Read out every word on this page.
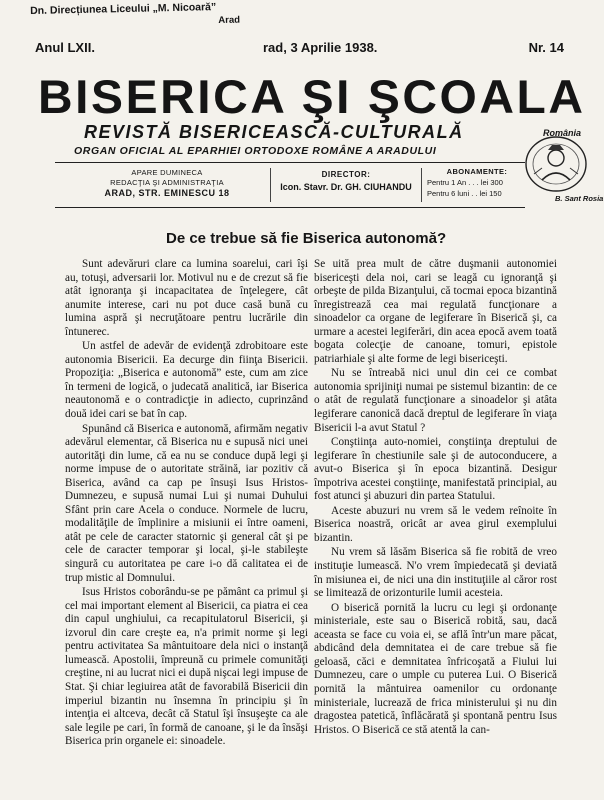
Dn. Direcțiunea Liceului „M. Nicoară”
Arad
Anul LXII.	rad, 3 Aprilie 1938.	Nr. 14
BISERICA ŞI ŞCOALA
REVISTĂ BISERICEASCĂ-CULTURALĂ
ORGAN OFICIAL AL EPARHIEI ORTODOXE ROMÂNE A ARADULUI
APARE DUMINECA
REDACŢIA ŞI ADMINISTRAŢIA
ARAD, STR. EMINESCU 18
DIRECTOR:
Icon. Stavr. Dr. GH. CIUHANDU
ABONAMENTE:
Pentru 1 An . . . lei 300
Pentru 6 luni . . lei 150
România
B. Sant Rosia
De ce trebue să fie Biserica autonomă?

Sunt adevăruri clare ca lumina soarelui, cari îşi au, totuşi, adversarii lor. Motivul nu e de crezut să fie atât ignoranţa şi incapacitatea de înţelegere, cât anumite interese, cari nu pot duce casă bună cu lumina aspră şi necruţătoare pentru lucrările din întunerec.

Un astfel de adevăr de evidenţă zdrobitoare este autonomia Bisericii. Ea decurge din fiinţa Bisericii. Propoziţia: „Biserica e autonomă” este, cum am zice în termeni de logică, o judecată analitică, iar Biserica neautonomă e o contradicţie in adiecto, cuprinzând două idei cari se bat în cap.

Spunând că Biserica e autonomă, afirmăm negativ adevărul elementar, că Biserica nu e supusă nici unei autorităţi din lume, că ea nu se conduce după legi şi norme impuse de o autoritate străină, iar pozitiv că Biserica, având ca cap pe însuşi Isus Hristos-Dumnezeu, e supusă numai Lui şi numai Duhului Sfânt prin care Acela o conduce. Normele de lucru, modalităţile de împlinire a misiunii ei între oameni, atât pe cele de caracter statornic şi general cât şi pe cele de caracter temporar şi local, şi-le stabileşte singură cu autoritatea pe care i-o dă calitatea ei de trup mistic al Domnului.

Isus Hristos coborându-se pe pământ ca primul şi cel mai important element al Bisericii, ca piatra ei cea din capul unghiului, ca recapitulatorul Bisericii, şi izvorul din care creşte ea, n'a primit norme şi legi pentru activitatea Sa mântuitoare dela nici o instanţă lumească. Apostolii, împreună cu primele comunităţi creştine, ni au lucrat nici ei după nişcai legi impuse de Stat. Şi chiar legiuirea atât de favorabilă Bisericii din imperiul bizantin nu însemna în principiu şi în intenţia ei altceva, decât că Statul îşi însuşeşte ca ale sale legile pe cari, în formă de canoane, şi le da însăşi Biserica prin organele ei: sinoadele.

Se uită prea mult de către duşmanii autonomiei bisericeşti dela noi, cari se leagă cu ignoranţă şi orbeşte de pilda Bizanţului, că tocmai epoca bizantină înregistrează cea mai regulată funcţionare a sinoadelor ca organe de legiferare în Biserică şi, ca urmare a acestei legiferări, din acea epocă avem toată bogata colecţie de canoane, tomuri, epistole patriarhiale şi alte forme de legi bisericeşti.

Nu se întreabă nici unul din cei ce combat autonomia sprijiniţi numai pe sistemul bizantin: de ce o atât de regulată funcţionare a sinoadelor şi atâta legiferare canonică dacă dreptul de legiferare în viaţa Bisericii l-a avut Statul ?

Conştiinţa auto-nomiei, conştiinţa dreptului de legiferare în chestiunile sale şi de autoconducere, a avut-o Biserica şi în epoca bizantină. Desigur împotriva acestei conştiinţe, manifestată principial, au fost atunci şi abuzuri din partea Statului.

Aceste abuzuri nu vrem să le vedem reînoite în Biserica noastră, oricât ar avea girul exemplului bizantin.

Nu vrem să lăsăm Biserica să fie robită de vreo instituţie lumească. N'o vrem împiedecată şi deviată în misiunea ei, de nici una din instituţiile al căror rost se limitează de orizonturile lumii acesteia.

O biserică pornită la lucru cu legi şi ordonanţe ministeriale, este sau o Biserică robită, sau, dacă aceasta se face cu voia ei, se află într'un mare păcat, abdicând dela demnitatea ei de care trebue să fie geloasă, căci e demnitatea înfricoşată a Fiului lui Dumnezeu, care o umple cu puterea Lui. O Biserică pornită la mântuirea oamenilor cu ordonanţe ministeriale, lucrează de frica ministerului şi nu din dragostea patetică, înflăcărată şi spontană pentru Isus Hristos. O Biserică ce stă atentă la can-
